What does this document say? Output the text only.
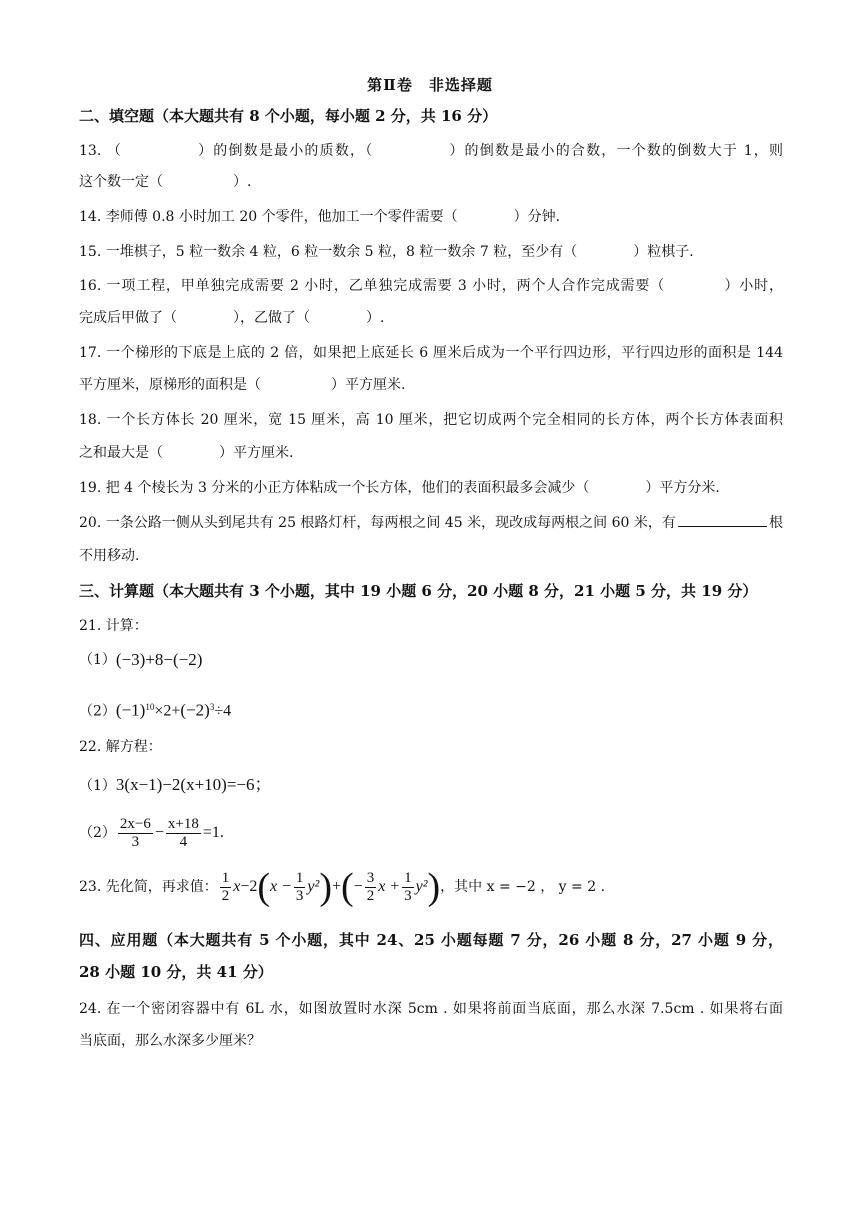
第Ⅱ卷　非选择题
二、填空题（本大题共有 8 个小题，每小题 2 分，共 16 分）
13. （　　　　　）的倒数是最小的质数，（　　　　　）的倒数是最小的合数，一个数的倒数大于 1，则
这个数一定（　　　　　）.
14. 李师傅 0.8 小时加工 20 个零件，他加工一个零件需要（　　　　）分钟.
15. 一堆棋子，5 粒一数余 4 粒，6 粒一数余 5 粒，8 粒一数余 7 粒，至少有（　　　　）粒棋子.
16. 一项工程，甲单独完成需要 2 小时，乙单独完成需要 3 小时，两个人合作完成需要（　　　　）小时，
完成后甲做了（　　　　），乙做了（　　　　）.
17. 一个梯形的下底是上底的 2 倍，如果把上底延长 6 厘米后成为一个平行四边形，平行四边形的面积是 144
平方厘米，原梯形的面积是（　　　　　）平方厘米.
18. 一个长方体长 20 厘米，宽 15 厘米，高 10 厘米，把它切成两个完全相同的长方体，两个长方体表面积
之和最大是（　　　　）平方厘米.
19. 把 4 个棱长为 3 分米的小正方体粘成一个长方体，他们的表面积最多会减少（　　　　）平方分米.
20. 一条公路一侧从头到尾共有 25 根路灯杆，每两根之间 45 米，现改成每两根之间 60 米，有	根
不用移动.
三、计算题（本大题共有 3 个小题，其中 19 小题 6 分，20 小题 8 分，21 小题 5 分，共 19 分）
21. 计算：
（1）(−3)+8−(−2)
$(2)(-1)^{10}\times 2+(-2)^3\div 4$
22. 解方程：
（1）3(x−1)−2(x+10)=−6；
$(2) \frac{2x-6}{3} - \frac{x+18}{4} =1$.
23. 先化简，再求值： $\frac{1}{2}$ x −2 ( $x - \frac{1}{3} y^2$ ) + ( − $\frac{3}{2}$ $x + \frac{1}{3} y^2$ ) ，其中 x = −2 ， y = 2 .
四、应用题（本大题共有 5 个小题，其中 24、25 小题每题 7 分，26 小题 8 分，27 小题 9 分，
28 小题 10 分，共 41 分）
24. 在一个密闭容器中有 6L 水，如图放置时水深 5cm . 如果将前面当底面，那么水深 7.5cm . 如果将右面
当底面，那么水深多少厘米？
